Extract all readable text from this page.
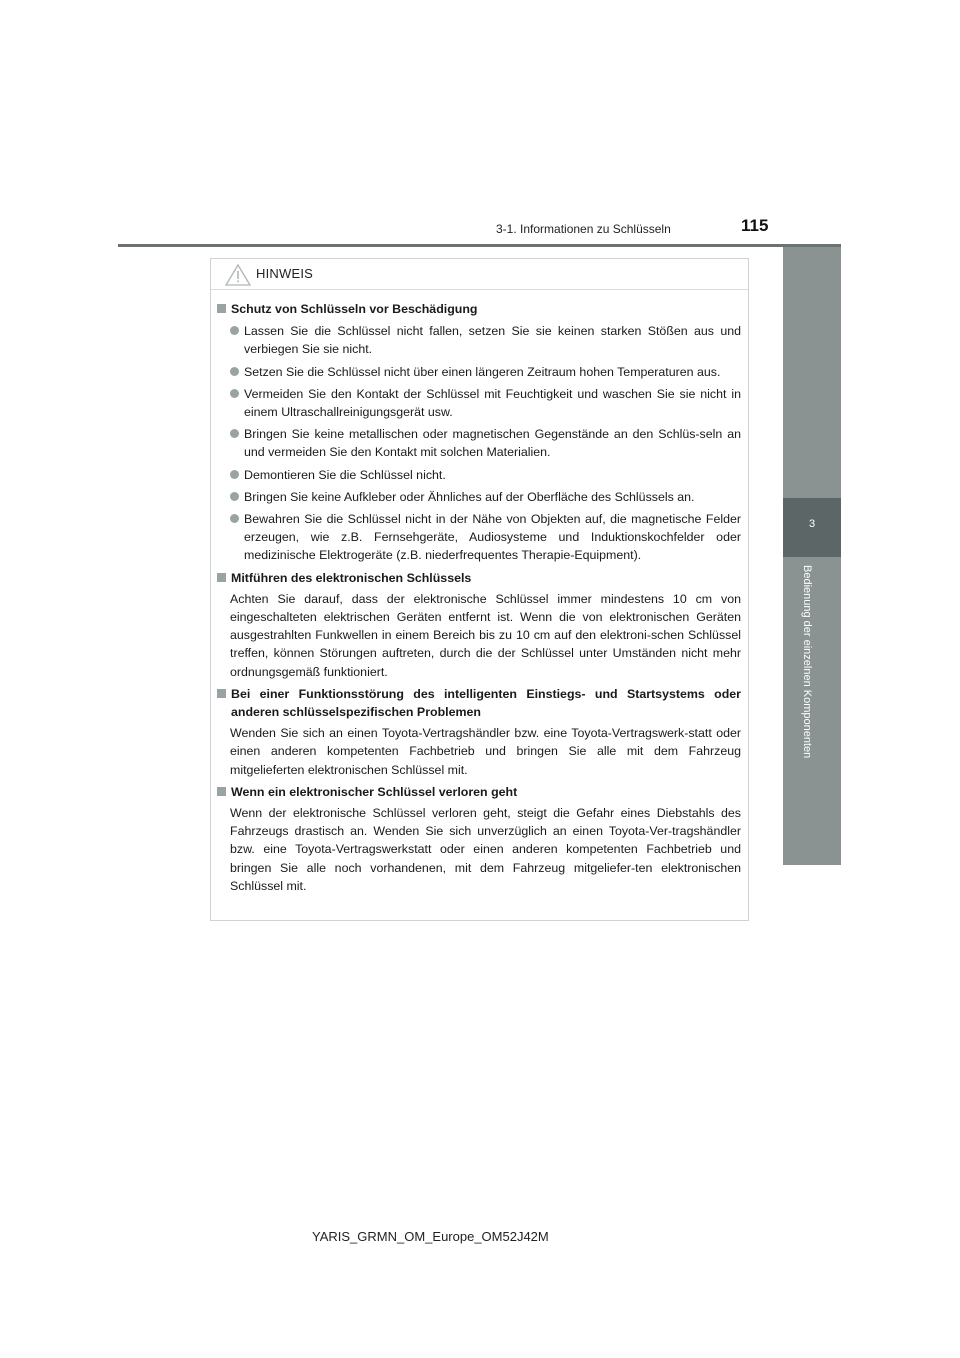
3-1. Informationen zu Schlüsseln	115
3
Bedienung der einzelnen Komponenten
HINWEIS
Schutz von Schlüsseln vor Beschädigung
Lassen Sie die Schlüssel nicht fallen, setzen Sie sie keinen starken Stößen aus und verbiegen Sie sie nicht.
Setzen Sie die Schlüssel nicht über einen längeren Zeitraum hohen Temperaturen aus.
Vermeiden Sie den Kontakt der Schlüssel mit Feuchtigkeit und waschen Sie sie nicht in einem Ultraschallreinigungsgerät usw.
Bringen Sie keine metallischen oder magnetischen Gegenstände an den Schlüs-seln an und vermeiden Sie den Kontakt mit solchen Materialien.
Demontieren Sie die Schlüssel nicht.
Bringen Sie keine Aufkleber oder Ähnliches auf der Oberfläche des Schlüssels an.
Bewahren Sie die Schlüssel nicht in der Nähe von Objekten auf, die magnetische Felder erzeugen, wie z.B. Fernsehgeräte, Audiosysteme und Induktionskochfelder oder medizinische Elektrogeräte (z.B. niederfrequentes Therapie-Equipment).
Mitführen des elektronischen Schlüssels
Achten Sie darauf, dass der elektronische Schlüssel immer mindestens 10 cm von eingeschalteten elektrischen Geräten entfernt ist. Wenn die von elektronischen Geräten ausgestrahlten Funkwellen in einem Bereich bis zu 10 cm auf den elektroni-schen Schlüssel treffen, können Störungen auftreten, durch die der Schlüssel unter Umständen nicht mehr ordnungsgemäß funktioniert.
Bei einer Funktionsstörung des intelligenten Einstiegs- und Startsystems oder anderen schlüsselspezifischen Problemen
Wenden Sie sich an einen Toyota-Vertragshändler bzw. eine Toyota-Vertragswerk-statt oder einen anderen kompetenten Fachbetrieb und bringen Sie alle mit dem Fahrzeug mitgelieferten elektronischen Schlüssel mit.
Wenn ein elektronischer Schlüssel verloren geht
Wenn der elektronische Schlüssel verloren geht, steigt die Gefahr eines Diebstahls des Fahrzeugs drastisch an. Wenden Sie sich unverzüglich an einen Toyota-Ver-tragshändler bzw. eine Toyota-Vertragswerkstatt oder einen anderen kompetenten Fachbetrieb und bringen Sie alle noch vorhandenen, mit dem Fahrzeug mitgeliefer-ten elektronischen Schlüssel mit.
YARIS_GRMN_OM_Europe_OM52J42M
